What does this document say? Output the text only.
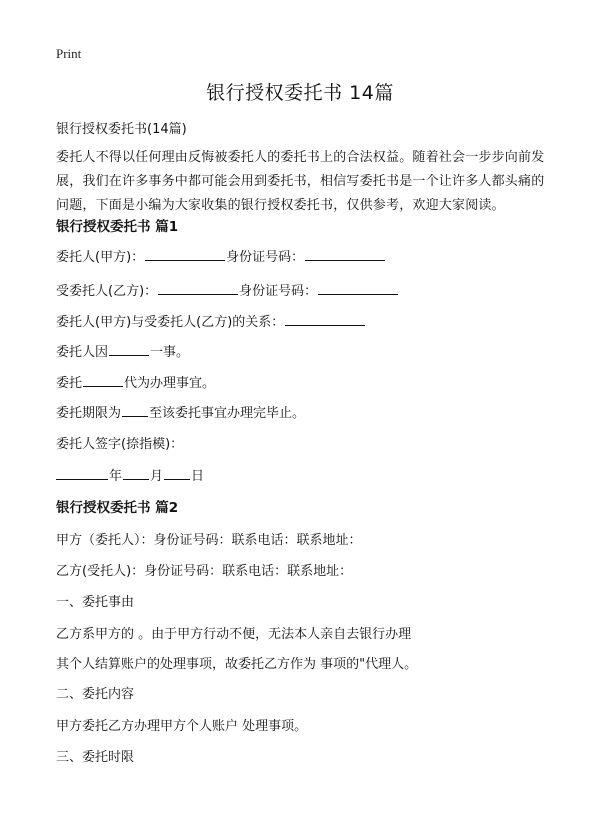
Print
银行授权委托书 14篇
银行授权委托书(14篇)
委托人不得以任何理由反悔被委托人的委托书上的合法权益。随着社会一步步向前发展，我们在许多事务中都可能会用到委托书，相信写委托书是一个让许多人都头痛的问题，下面是小编为大家收集的银行授权委托书，仅供参考，欢迎大家阅读。
银行授权委托书 篇1
委托人(甲方)：	身份证号码：
受委托人(乙方)：	身份证号码：
委托人(甲方)与受委托人(乙方)的关系：
委托人因	一事。
委托	代为办理事宜。
委托期限为 至该委托事宜办理完毕止。
委托人签字(捺指模)：
年 月 日
银行授权委托书 篇2
甲方（委托人）：身份证号码：联系电话：联系地址：
乙方(受托人)：身份证号码：联系电话：联系地址：
一、委托事由
乙方系甲方的 。由于甲方行动不便，无法本人亲自去银行办理
其个人结算账户的处理事项，故委托乙方作为 事项的"代理人。
二、委托内容
甲方委托乙方办理甲方个人账户 处理事项。
三、委托时限
